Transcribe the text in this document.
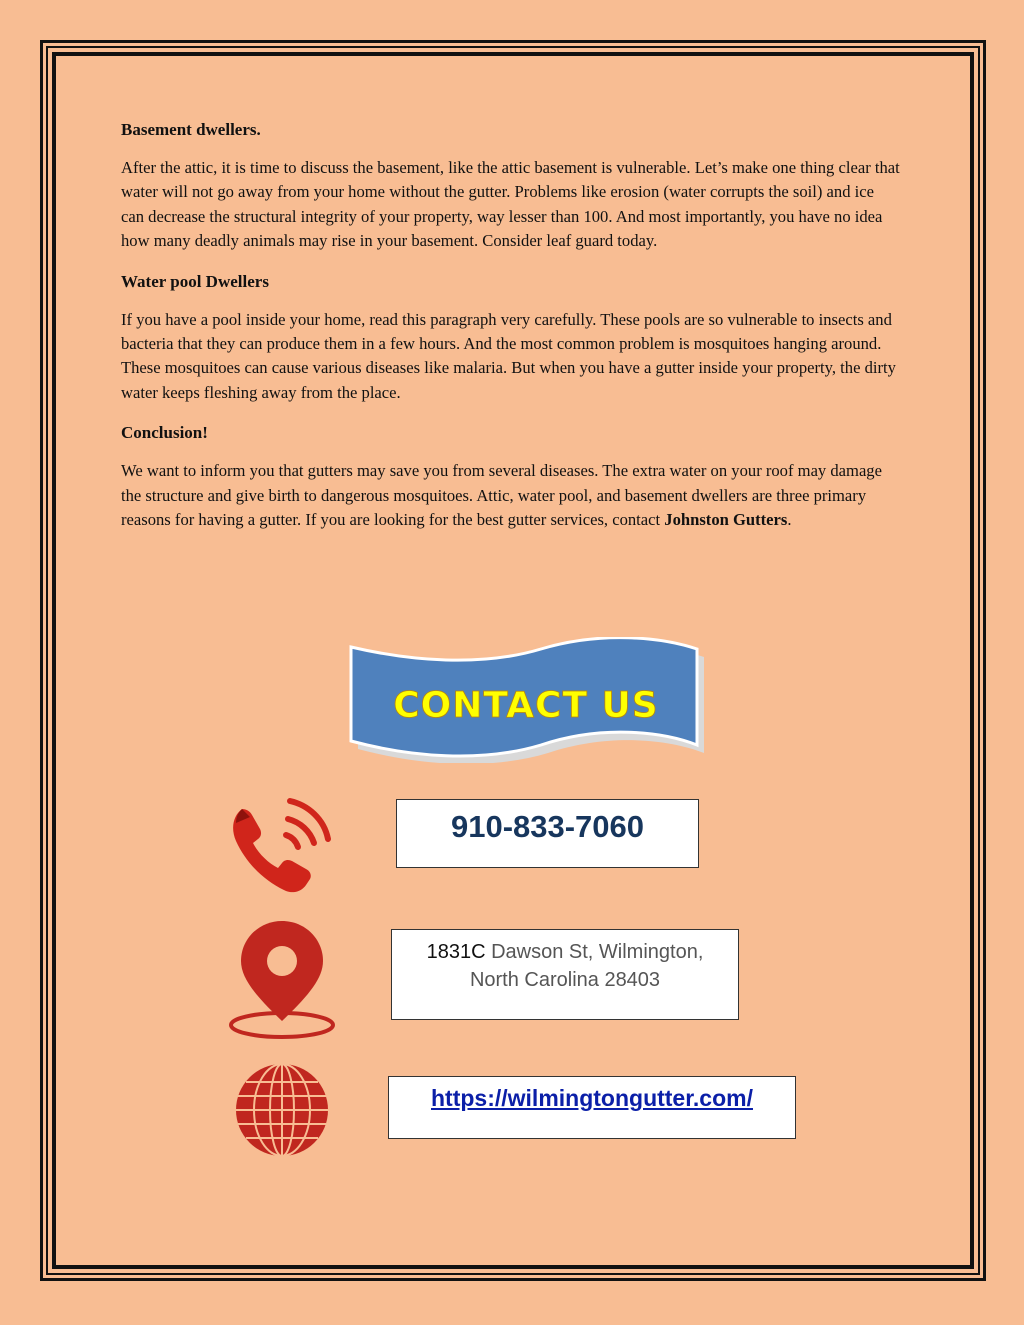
Basement dwellers.

After the attic, it is time to discuss the basement, like the attic basement is vulnerable. Let’s make one thing clear that water will not go away from your home without the gutter. Problems like erosion (water corrupts the soil) and ice can decrease the structural integrity of your property, way lesser than 100. And most importantly, you have no idea how many deadly animals may rise in your basement. Consider leaf guard today.

Water pool Dwellers

If you have a pool inside your home, read this paragraph very carefully. These pools are so vulnerable to insects and bacteria that they can produce them in a few hours. And the most common problem is mosquitoes hanging around. These mosquitoes can cause various diseases like malaria. But when you have a gutter inside your property, the dirty water keeps fleshing away from the place.

Conclusion!

We want to inform you that gutters may save you from several diseases. The extra water on your roof may damage the structure and give birth to dangerous mosquitoes. Attic, water pool, and basement dwellers are three primary reasons for having a gutter. If you are looking for the best gutter services, contact Johnston Gutters.

CONTACT US
910-833-7060
1831C Dawson St, Wilmington,
North Carolina 28403
https://wilmingtongutter.com/
